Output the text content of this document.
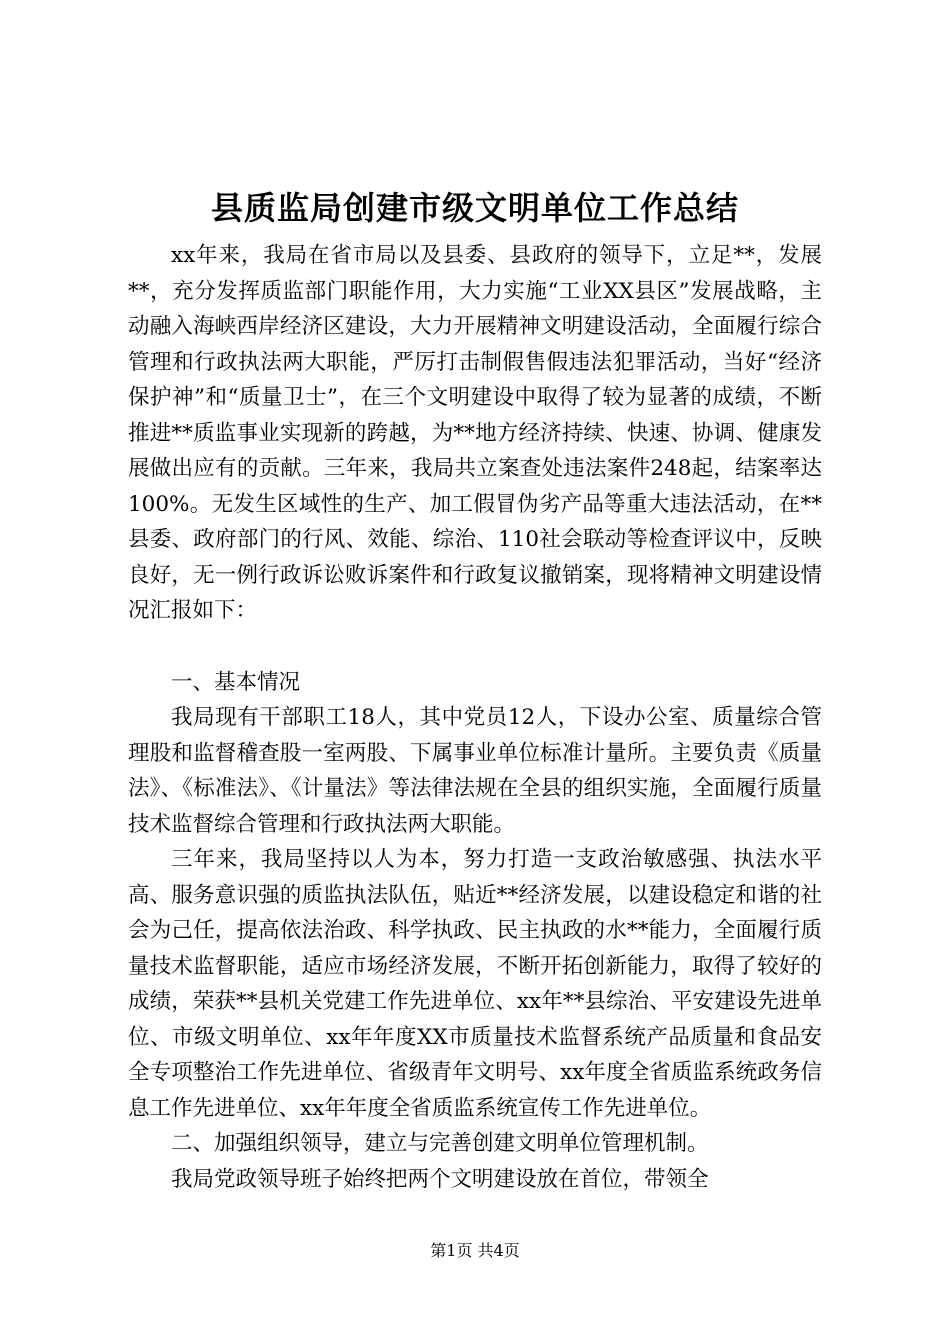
县质监局创建市级文明单位工作总结

xx年来，我局在省市局以及县委、县政府的领导下，立足**，发展**，充分发挥质监部门职能作用，大力实施“工业XX县区”发展战略，主动融入海峡西岸经济区建设，大力开展精神文明建设活动，全面履行综合管理和行政执法两大职能，严厉打击制假售假违法犯罪活动，当好“经济保护神”和“质量卫士”，在三个文明建设中取得了较为显著的成绩，不断推进**质监事业实现新的跨越，为**地方经济持续、快速、协调、健康发展做出应有的贡献。三年来，我局共立案查处违法案件248起，结案率达100%。无发生区域性的生产、加工假冒伪劣产品等重大违法活动，在**县委、政府部门的行风、效能、综治、110社会联动等检查评议中，反映良好，无一例行政诉讼败诉案件和行政复议撤销案，现将精神文明建设情况汇报如下：

一、基本情况

我局现有干部职工18人，其中党员12人，下设办公室、质量综合管理股和监督稽查股一室两股、下属事业单位标准计量所。主要负责《质量法》、《标准法》、《计量法》等法律法规在全县的组织实施，全面履行质量技术监督综合管理和行政执法两大职能。

三年来，我局坚持以人为本，努力打造一支政治敏感强、执法水平高、服务意识强的质监执法队伍，贴近**经济发展，以建设稳定和谐的社会为己任，提高依法治政、科学执政、民主执政的水**能力，全面履行质量技术监督职能，适应市场经济发展，不断开拓创新能力，取得了较好的成绩，荣获**县机关党建工作先进单位、xx年**县综治、平安建设先进单位、市级文明单位、xx年年度XX市质量技术监督系统产品质量和食品安全专项整治工作先进单位、省级青年文明号、xx年度全省质监系统政务信息工作先进单位、xx年年度全省质监系统宣传工作先进单位。

二、加强组织领导，建立与完善创建文明单位管理机制。

我局党政领导班子始终把两个文明建设放在首位，带领全

第1页 共4页
